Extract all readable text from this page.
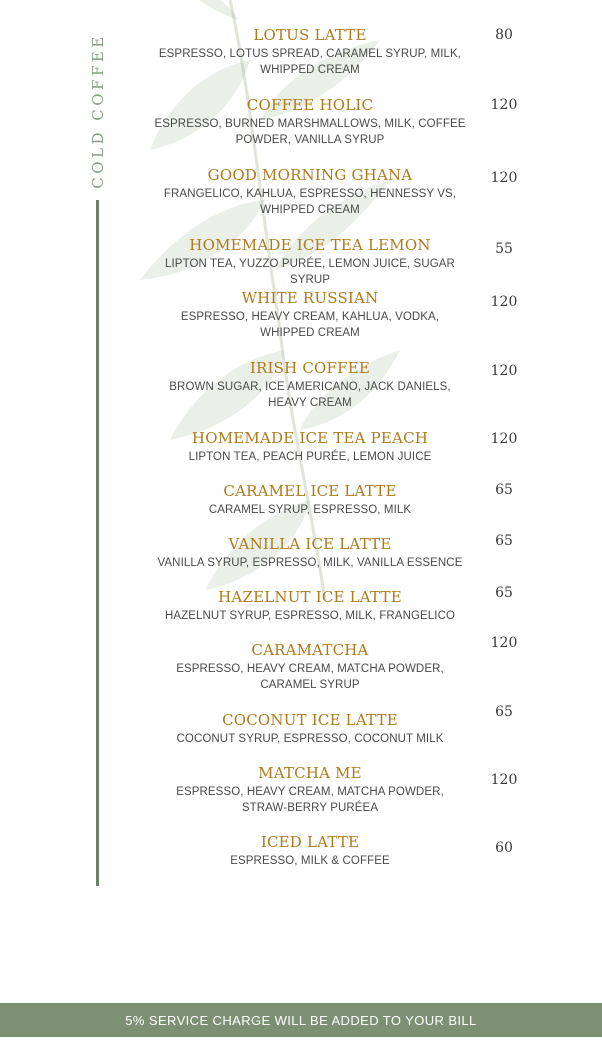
COLD COFFEE	LOTUS LATTE
ESPRESSO, LOTUS SPREAD, CARAMEL SYRUP, MILK, WHIPPED CREAM
80
COFFEE HOLIC
ESPRESSO, BURNED MARSHMALLOWS, MILK, COFFEE POWDER, VANILLA SYRUP
120
GOOD MORNING GHANA
FRANGELICO, KAHLUA, ESPRESSO, HENNESSY VS, WHIPPED CREAM
120
HOMEMADE ICE TEA LEMON
LIPTON TEA, YUZZO PURÉE, LEMON JUICE, SUGAR SYRUP
55
WHITE RUSSIAN
ESPRESSO, HEAVY CREAM, KAHLUA, VODKA, WHIPPED CREAM
120
IRISH COFFEE
BROWN SUGAR, ICE AMERICANO, JACK DANIELS, HEAVY CREAM
120
HOMEMADE ICE TEA PEACH
LIPTON TEA, PEACH PURÉE, LEMON JUICE
120
CARAMEL ICE LATTE
CARAMEL SYRUP, ESPRESSO, MILK
65
VANILLA ICE LATTE
VANILLA SYRUP, ESPRESSO, MILK, VANILLA ESSENCE
65
HAZELNUT ICE LATTE
HAZELNUT SYRUP, ESPRESSO, MILK, FRANGELICO
65
CARAMATCHA
ESPRESSO, HEAVY CREAM, MATCHA POWDER, CARAMEL SYRUP
120
COCONUT ICE LATTE
COCONUT SYRUP, ESPRESSO, COCONUT MILK
65
MATCHA ME
ESPRESSO, HEAVY CREAM, MATCHA POWDER, STRAW-BERRY PURÉEA
120
ICED LATTE
ESPRESSO, MILK & COFFEE
60
5% SERVICE CHARGE WILL BE ADDED TO YOUR BILL
